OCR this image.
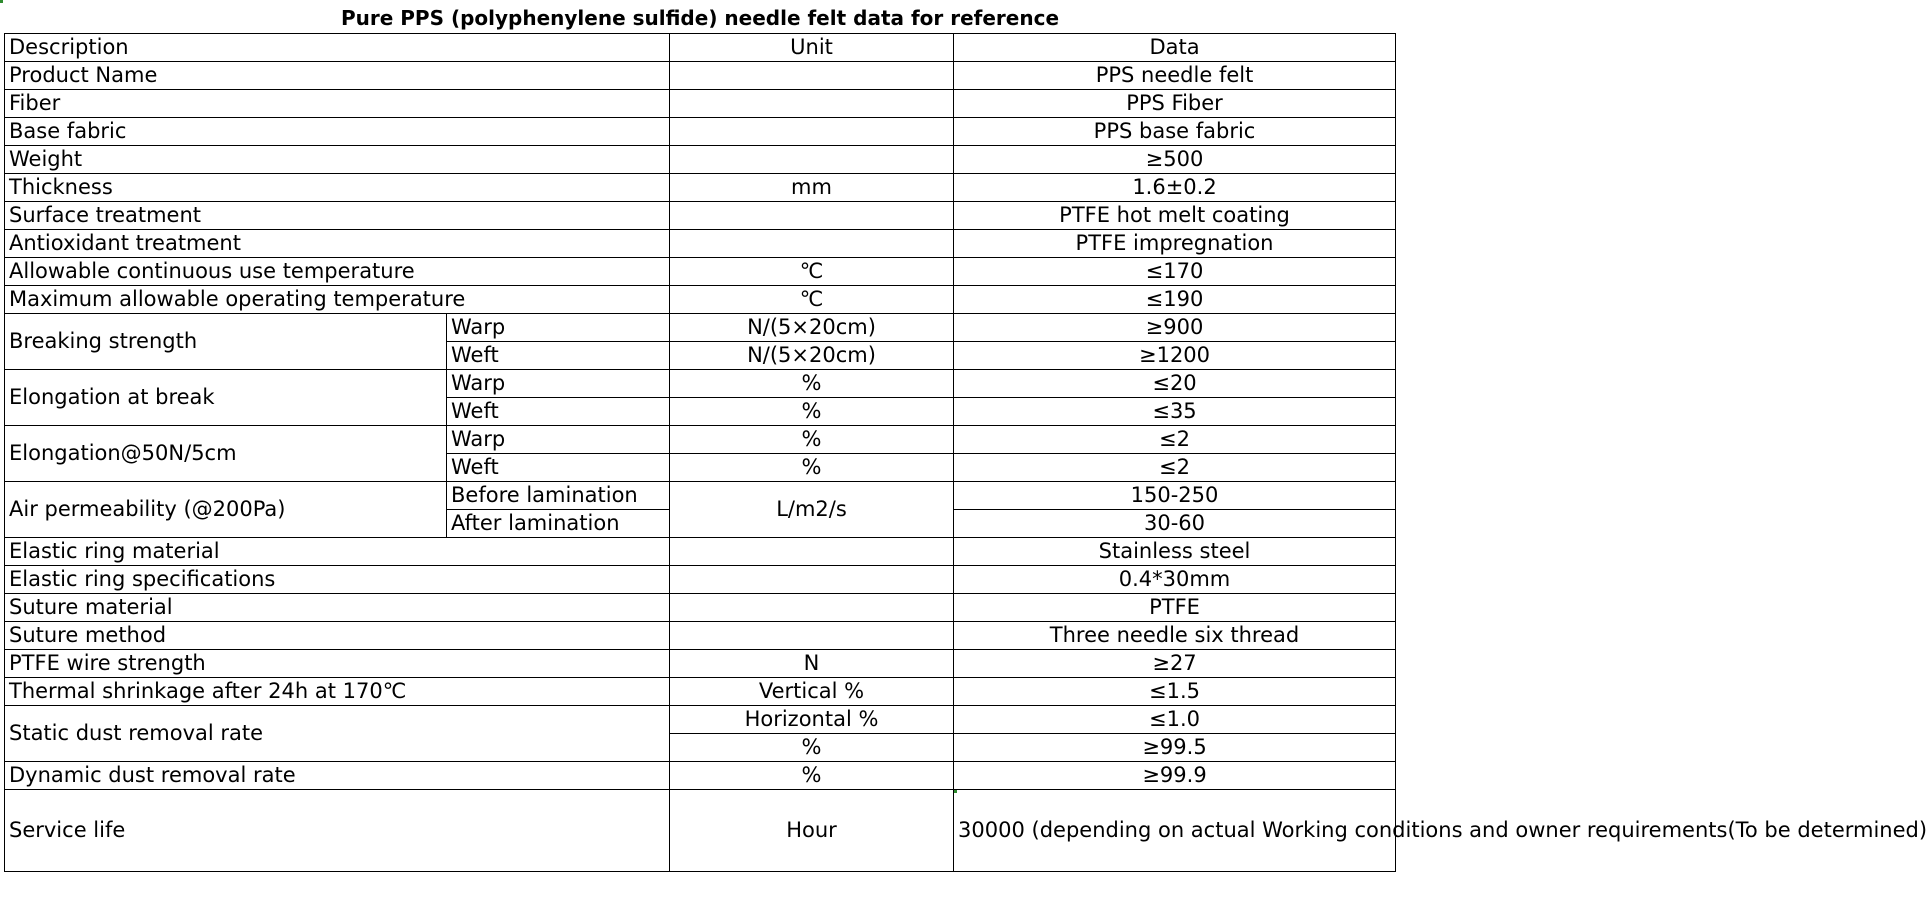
Pure PPS (polyphenylene sulfide) needle felt data for reference
Description		Unit	Data
Product Name			PPS needle felt
Fiber			PPS Fiber
Base fabric			PPS base fabric
Weight			≥500
Thickness		mm	1.6±0.2
Surface treatment			PTFE hot melt coating
Antioxidant treatment			PTFE impregnation
Allowable continuous use temperature		℃	≤170
Maximum allowable operating temperature		℃	≤190
Breaking strength	Warp	N/(5×20cm)	≥900
	Weft	N/(5×20cm)	≥1200
Elongation at break	Warp	%	≤20
	Weft	%	≤35
Elongation@50N/5cm	Warp	%	≤2
	Weft	%	≤2
Air permeability (@200Pa)	Before lamination	L/m2/s	150-250
	After lamination		30-60
Elastic ring material			Stainless steel
Elastic ring specifications			0.4*30mm
Suture material			PTFE
Suture method			Three needle six thread
PTFE wire strength		N	≥27
Thermal shrinkage after 24h at 170℃		Vertical %	≤1.5
Static dust removal rate		Horizontal %	≤1.0
		%	≥99.5
Dynamic dust removal rate		%	≥99.9
Service life		Hour	30000 (depending on actual Working conditions and owner requirements(To be determined)
